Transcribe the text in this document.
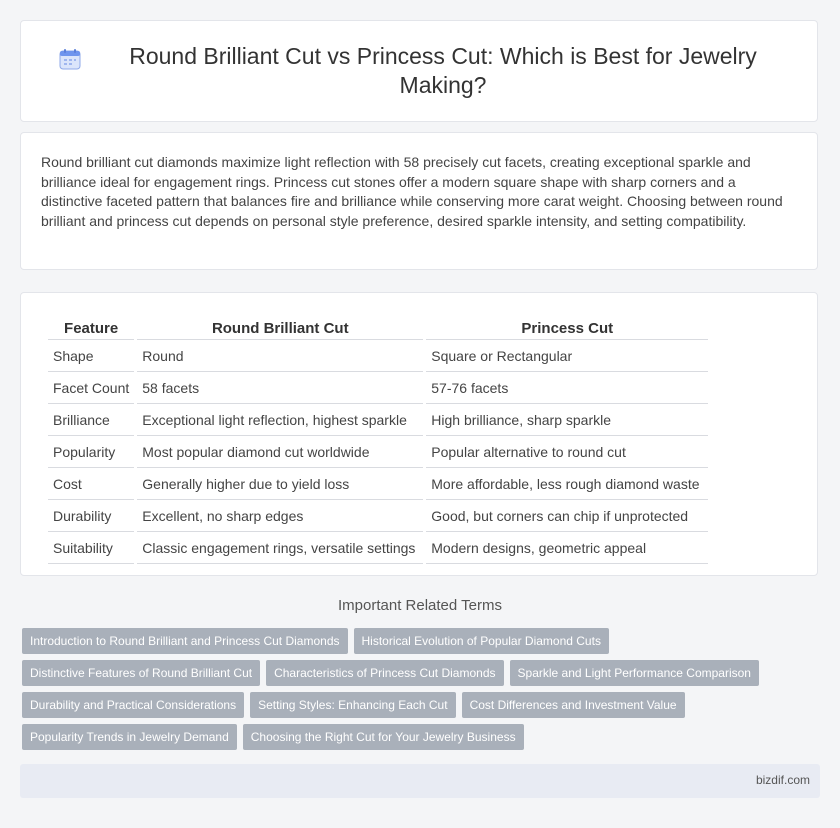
Round Brilliant Cut vs Princess Cut: Which is Best for Jewelry Making?

Round brilliant cut diamonds maximize light reflection with 58 precisely cut facets, creating exceptional sparkle and brilliance ideal for engagement rings. Princess cut stones offer a modern square shape with sharp corners and a distinctive faceted pattern that balances fire and brilliance while conserving more carat weight. Choosing between round brilliant and princess cut depends on personal style preference, desired sparkle intensity, and setting compatibility.

Feature	Round Brilliant Cut	Princess Cut
Shape	Round	Square or Rectangular
Facet Count	58 facets	57-76 facets
Brilliance	Exceptional light reflection, highest sparkle	High brilliance, sharp sparkle
Popularity	Most popular diamond cut worldwide	Popular alternative to round cut
Cost	Generally higher due to yield loss	More affordable, less rough diamond waste
Durability	Excellent, no sharp edges	Good, but corners can chip if unprotected
Suitability	Classic engagement rings, versatile settings	Modern designs, geometric appeal
Important Related Terms
Introduction to Round Brilliant and Princess Cut Diamonds	Historical Evolution of Popular Diamond Cuts
Distinctive Features of Round Brilliant Cut	Characteristics of Princess Cut Diamonds	Sparkle and Light Performance Comparison
Durability and Practical Considerations	Setting Styles: Enhancing Each Cut	Cost Differences and Investment Value
Popularity Trends in Jewelry Demand	Choosing the Right Cut for Your Jewelry Business
bizdif.com
